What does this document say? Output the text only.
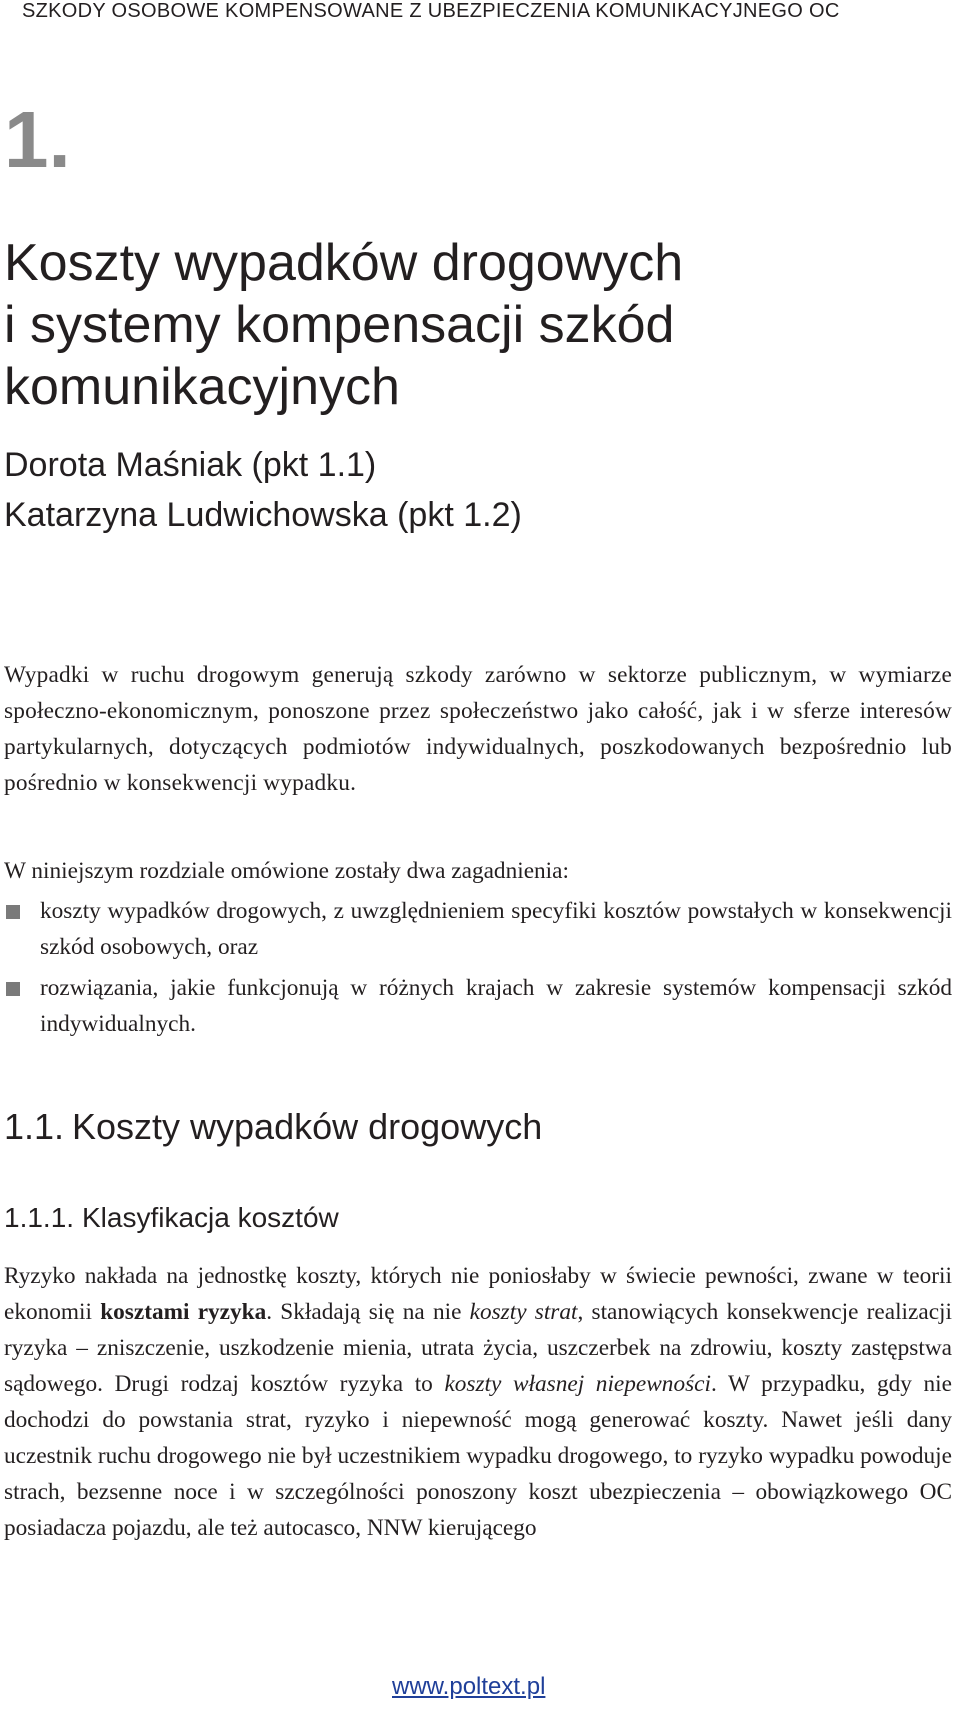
SZKODY OSOBOWE KOMPENSOWANE Z UBEZPIECZENIA KOMUNIKACYJNEGO OC
1.
Koszty wypadków drogowych
i systemy kompensacji szkód
komunikacyjnych
Dorota Maśniak (pkt 1.1)
Katarzyna Ludwichowska (pkt 1.2)

Wypadki w ruchu drogowym generują szkody zarówno w sektorze publicznym, w wymiarze społeczno-ekonomicznym, ponoszone przez społeczeństwo jako całość, jak i w sferze interesów partykularnych, dotyczących podmiotów indywidualnych, poszkodowanych bezpośrednio lub pośrednio w konsekwencji wypadku.

W niniejszym rozdziale omówione zostały dwa zagadnienia:

koszty wypadków drogowych, z uwzględnieniem specyfiki kosztów powstałych w konsekwencji szkód osobowych, oraz
rozwiązania, jakie funkcjonują w różnych krajach w zakresie systemów kompensacji szkód indywidualnych.
1.1. Koszty wypadków drogowych
1.1.1. Klasyfikacja kosztów

Ryzyko nakłada na jednostkę koszty, których nie poniosłaby w świecie pewności, zwane w teorii ekonomii kosztami ryzyka. Składają się na nie koszty strat, stanowiących konsekwencje realizacji ryzyka – zniszczenie, uszkodzenie mienia, utrata życia, uszczerbek na zdrowiu, koszty zastępstwa sądowego. Drugi rodzaj kosztów ryzyka to koszty własnej niepewności. W przypadku, gdy nie dochodzi do powstania strat, ryzyko i niepewność mogą generować koszty. Nawet jeśli dany uczestnik ruchu drogowego nie był uczestnikiem wypadku drogowego, to ryzyko wypadku powoduje strach, bezsenne noce i w szczególności ponoszony koszt ubezpieczenia – obowiązkowego OC posiadacza pojazdu, ale też autocasco, NNW kierującego

www.poltext.pl
